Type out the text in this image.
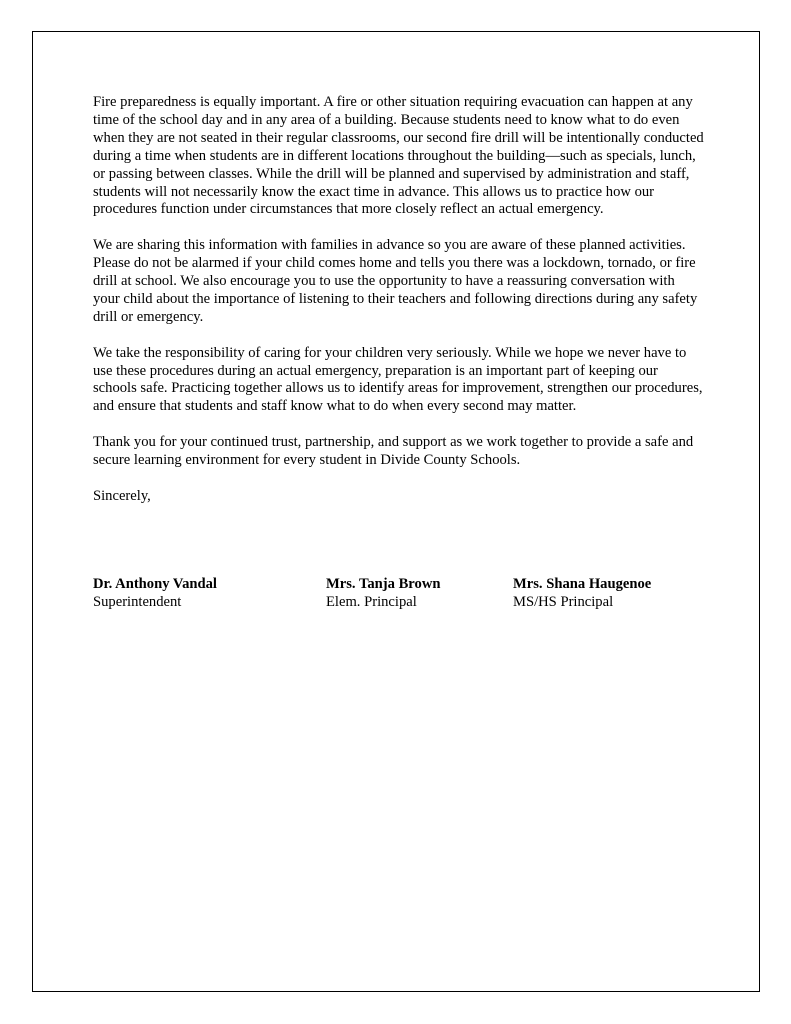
Fire preparedness is equally important. A fire or other situation requiring evacuation can happen at any time of the school day and in any area of a building. Because students need to know what to do even when they are not seated in their regular classrooms, our second fire drill will be intentionally conducted during a time when students are in different locations throughout the building—such as specials, lunch, or passing between classes. While the drill will be planned and supervised by administration and staff, students will not necessarily know the exact time in advance. This allows us to practice how our procedures function under circumstances that more closely reflect an actual emergency.

We are sharing this information with families in advance so you are aware of these planned activities. Please do not be alarmed if your child comes home and tells you there was a lockdown, tornado, or fire drill at school. We also encourage you to use the opportunity to have a reassuring conversation with your child about the importance of listening to their teachers and following directions during any safety drill or emergency.

We take the responsibility of caring for your children very seriously. While we hope we never have to use these procedures during an actual emergency, preparation is an important part of keeping our schools safe. Practicing together allows us to identify areas for improvement, strengthen our procedures, and ensure that students and staff know what to do when every second may matter.

Thank you for your continued trust, partnership, and support as we work together to provide a safe and secure learning environment for every student in Divide County Schools.

Sincerely,

Dr. Anthony Vandal
Superintendent
Mrs. Tanja Brown
Elem. Principal
Mrs. Shana Haugenoe
MS/HS Principal
